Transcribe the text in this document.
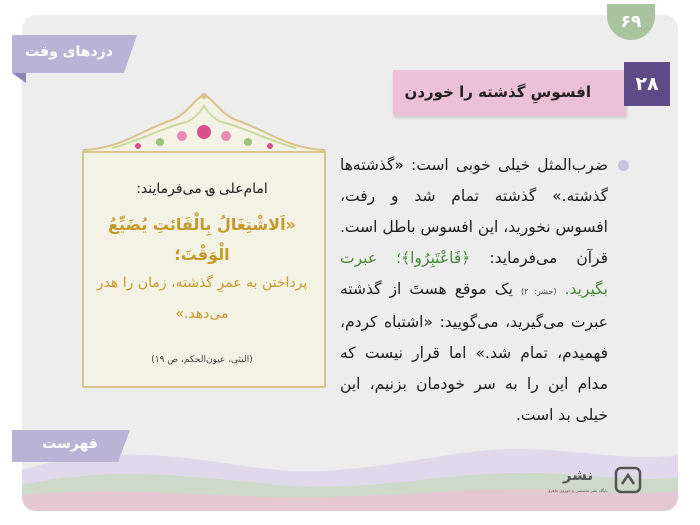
۶۹
دزدهای وقت
افسوسِ گذشته را خوردن	۲۸
ضرب‌المثل خیلی خوبی است: «گذشته‌ها گذشته.» گذشته تمام شد و رفت، افسوس نخورید، این افسوس باطل است. قرآن می‌فرماید: ﴿فَاعْتَبِرُوا﴾؛ عبرت بگیرید. (حشر: ۲) یک موقع هستَ از گذشته عبرت می‌گیرید، می‌گویید: «اشتباه کردم، فهمیدم، تمام شد.» اما قرار نیست که مدام این را به سر خودمان بزنیم، این خیلی بد است.
امام‌علی ؈ می‌فرمایند:
«اَلاشْتِغَالُ بِالْفَائتِ یُضَیِّعُ الْوَقْتَ؛
پرداختن به عمرِ گذشته، زمان را هدر می‌دهد.»
(الیثی، عیون‌الحکم، ص ۱۹)
فهرست
نشر
پایگاه نشر تخصصی و حوزوی ماهرو
